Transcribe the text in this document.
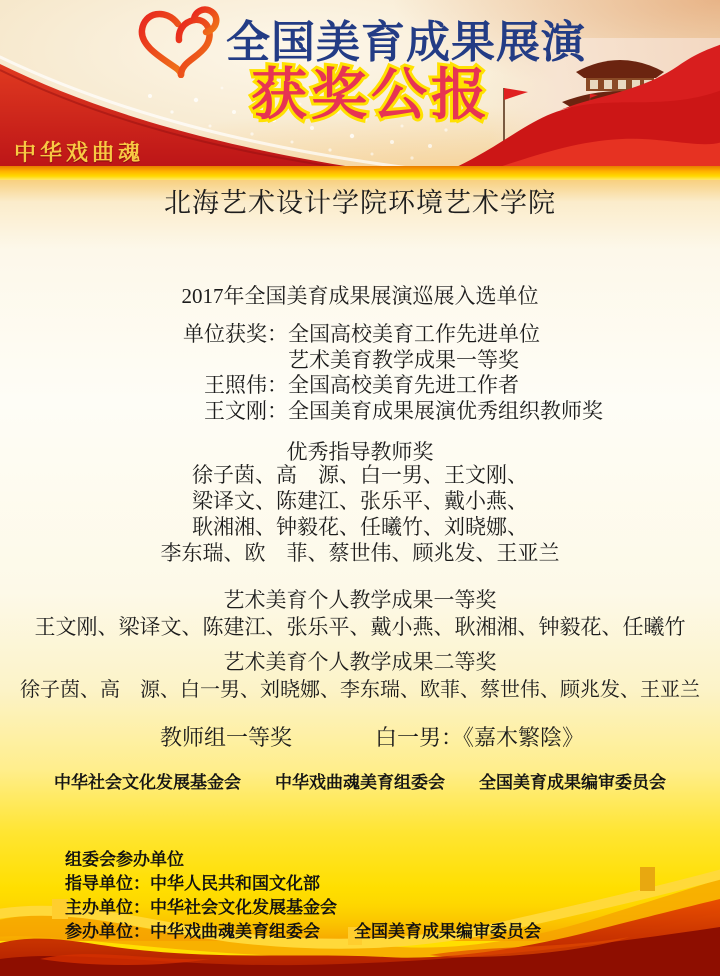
组委会参办单位
指导单位：中华人民共和国文化部
主办单位：中华社会文化发展基金会
参办单位：中华戏曲魂美育组委会　　全国美育成果编审委员会
北海艺术设计学院环境艺术学院
2017年全国美育成果展演巡展入选单位
单位获奖： 全国高校美育工作先进单位
艺术美育教学成果一等奖
王照伟： 全国高校美育先进工作者
王文刚： 全国美育成果展演优秀组织教师奖
优秀指导教师奖
徐子茵、高　源、白一男、王文刚、
梁译文、陈建江、张乐平、戴小燕、
耿湘湘、钟毅花、任曦竹、刘晓娜、
李东瑞、欧　菲、蔡世伟、顾兆发、王亚兰
艺术美育个人教学成果一等奖
王文刚、梁译文、陈建江、张乐平、戴小燕、耿湘湘、钟毅花、任曦竹
艺术美育个人教学成果二等奖
徐子茵、高　源、白一男、刘晓娜、李东瑞、欧菲、蔡世伟、顾兆发、王亚兰
教师组一等奖	白一男：《嘉木繁陰》
中华社会文化发展基金会 中华戏曲魂美育组委会 全国美育成果编审委员会
全国美育成果展演
获奖公报
中华戏曲魂
